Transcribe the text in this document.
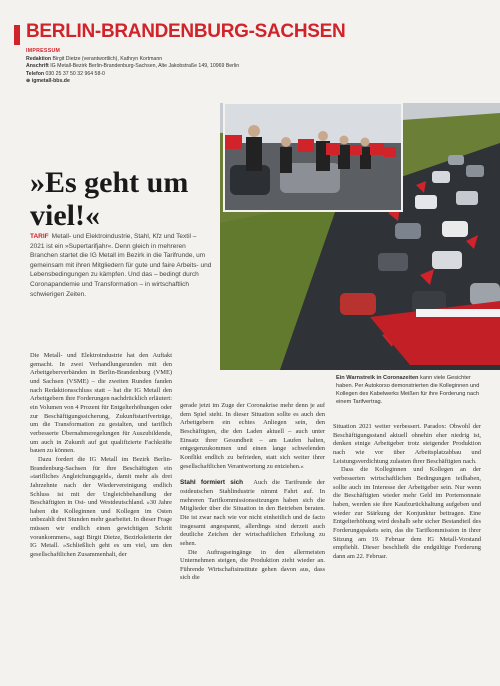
BERLIN-BRANDENBURG-SACHSEN
IMPRESSUM
Redaktion Birgit Dietze (verantwortlich), Kathryn Kortmann
Anschrift IG Metall-Bezirk Berlin-Brandenburg-Sachsen, Alte Jakobstraße 149, 10969 Berlin
Telefon 030 25 37 50 32 964 58-0
⊕ igmetall-bbs.de
»Es geht um viel!«
TARIF Metall- und Elektroindustrie, Stahl, Kfz und Textil – 2021 ist ein »Supertarifjahr«. Denn gleich in mehreren Branchen startet die IG Metall im Bezirk in die Tarifrunde, um gemeinsam mit ihren Mitgliedern für gute und faire Arbeits- und Lebensbedingungen zu kämpfen. Und das – bedingt durch Coronapandemie und Transformation – in wirtschaftlich schwierigen Zeiten.
Ein Warnstreik in Coronazeiten kann viele Gesichter haben. Per Autokorso demonstrierten die Kolleginnen und Kollegen des Kabelwerks Meißen für ihre Forderung nach einem Tarifvertrag.

Die Metall- und Elektroindustrie hat den Auftakt gemacht. In zwei Verhandlungsrunden mit den Arbeitgeberverbänden in Berlin-Brandenburg (VME) und Sachsen (VSME) – die zweiten Runden fanden nach Redaktionsschluss statt – hat die IG Metall den Arbeitgebern ihre Forderungen nachdrücklich erläutert: ein Volumen von 4 Prozent für Entgelterhöhungen oder zur Beschäftigungssicherung, Zukunftstarifverträge, um die Transformation zu gestalten, und tariflich verbesserte Übernahmeregelungen für Auszubildende, um auch in Zukunft auf gut qualifizierte Fachkräfte bauen zu können.

Dazu fordert die IG Metall im Bezirk Berlin-Brandenburg-Sachsen für ihre Beschäftigten ein »tarifliches Angleichungsgeld«, damit mehr als drei Jahrzehnte nach der Wiedervereinigung endlich Schluss ist mit der Ungleichbehandlung der Beschäftigten in Ost- und Westdeutschland. »30 Jahre haben die Kolleginnen und Kollegen im Osten unbezahlt drei Stunden mehr gearbeitet. In dieser Frage müssen wir endlich einen gewichtigen Schritt vorankommen«, sagt Birgit Dietze, Bezirksleiterin der IG Metall. »Schließlich geht es um viel, um den gesellschaftlichen Zusammenhalt, der

gerade jetzt im Zuge der Coronakrise mehr denn je auf dem Spiel steht. In dieser Situation sollte es auch den Arbeitgebern ein echtes Anliegen sein, den Beschäftigten, die den Laden aktuell – auch unter Einsatz ihrer Gesundheit – am Laufen halten, entgegenzukommen und einen lange schwelenden Konflikt endlich zu befrieden, statt sich weiter ihrer gesellschaftlichen Verantwortung zu entziehen.«

Stahl formiert sich Auch die Tarifrunde der ostdeutschen Stahlindustrie nimmt Fahrt auf. In mehreren Tarifkommissionssitzungen haben sich die Mitglieder über die Situation in den Betrieben beraten. Die ist zwar nach wie vor nicht einheitlich und de facto insgesamt angespannt, allerdings sind derzeit auch deutliche Zeichen der wirtschaftlichen Erholung zu sehen.

Die Auftragseingänge in den allermeisten Unternehmen steigen, die Produktion zieht wieder an. Führende Wirtschaftsinstitute gehen davon aus, dass sich die

Situation 2021 weiter verbessert. Paradox: Obwohl der Beschäftigungsstand aktuell ohnehin eher niedrig ist, denken einige Arbeitgeber trotz steigender Produktion nach wie vor über Arbeitsplatzabbau und Leistungsverdichtung zulasten ihrer Beschäftigten nach.

Dass die Kolleginnen und Kollegen an der verbesserten wirtschaftlichen Bedingungen teilhaben, sollte auch im Interesse der Arbeitgeber sein. Nur wenn die Beschäftigten wieder mehr Geld im Portemonnaie haben, werden sie ihre Kaufzurückhaltung aufgeben und wieder zur Stärkung der Konjunktur beitragen. Eine Entgelterhöhung wird deshalb sehr sicher Bestandteil des Forderungspakets sein, das die Tarifkommission in ihrer Sitzung am 19. Februar dem IG Metall-Vorstand empfiehlt. Dieser beschließt die endgültige Forderung dann am 22. Februar.
